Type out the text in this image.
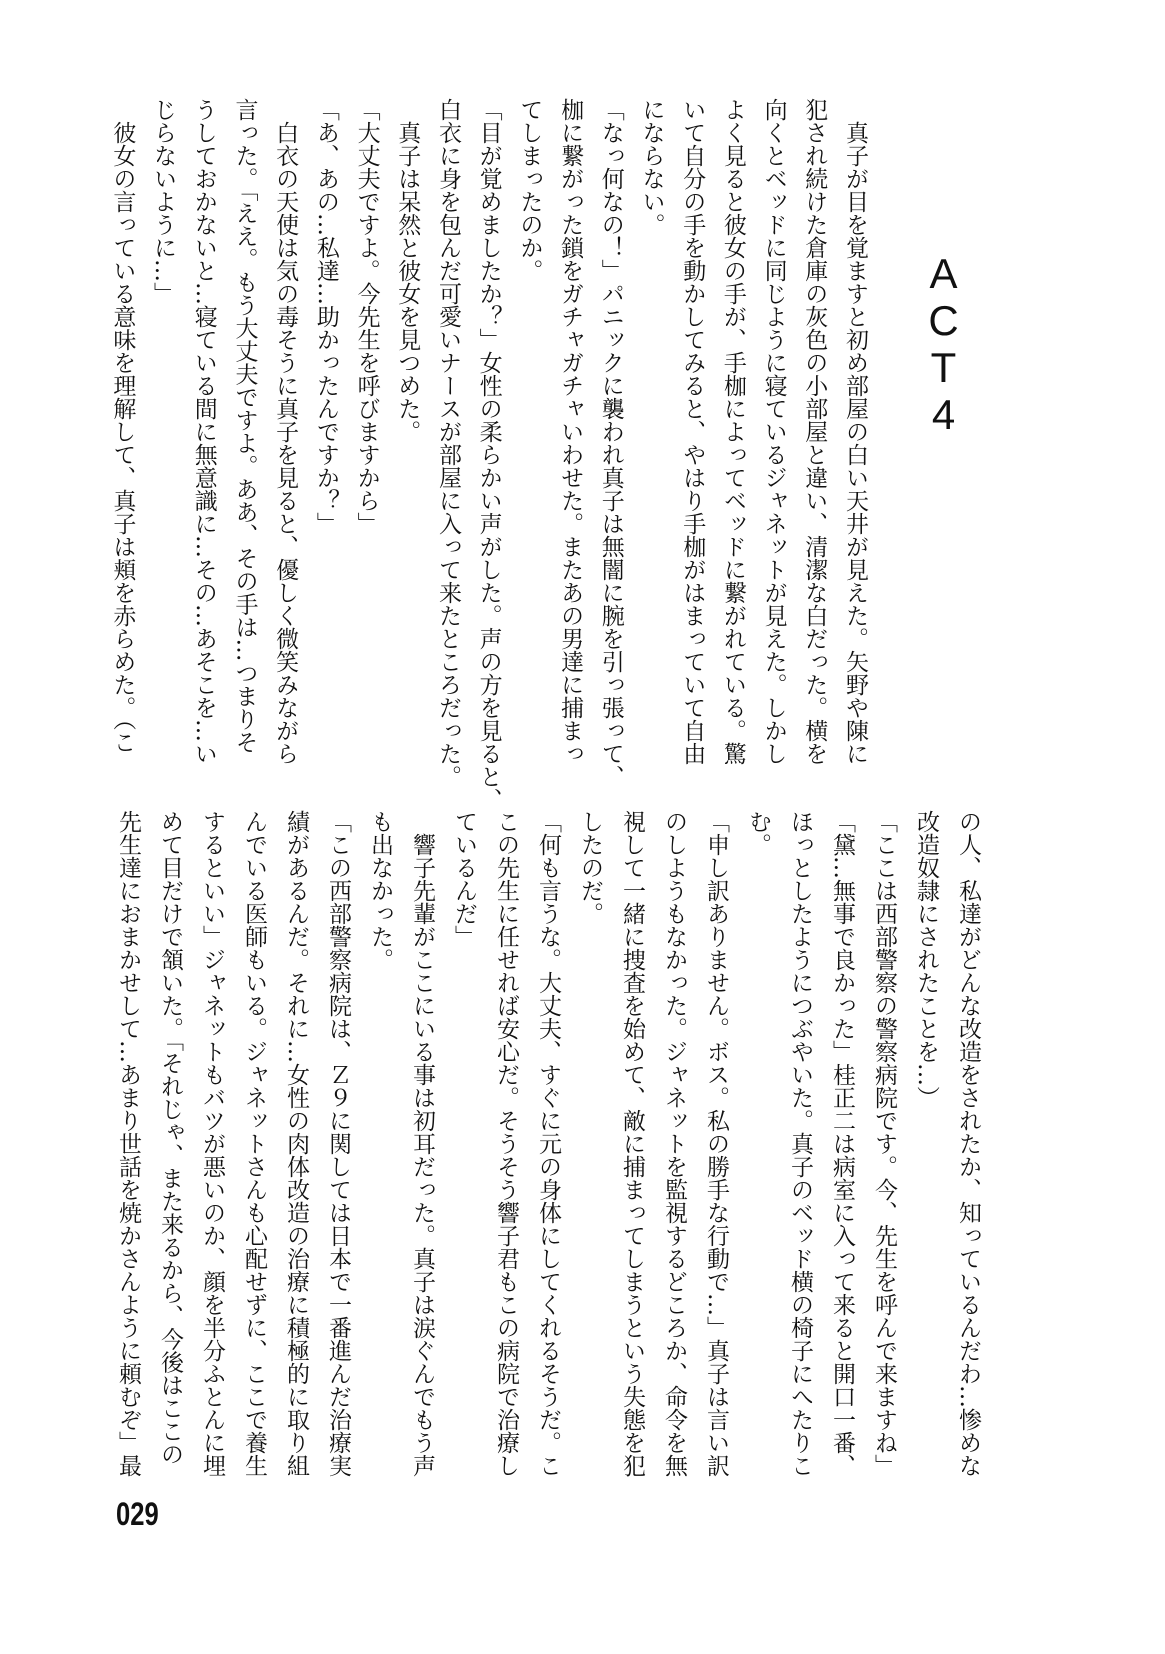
ACT4
　真子が目を覚ますと初め部屋の白い天井が見えた。矢野や陳に
犯され続けた倉庫の灰色の小部屋と違い、清潔な白だった。横を
向くとベッドに同じように寝ているジャネットが見えた。しかし
よく見ると彼女の手が、手枷によってベッドに繋がれている。驚
いて自分の手を動かしてみると、やはり手枷がはまっていて自由
にならない。
「なっ何なの！」パニックに襲われ真子は無闇に腕を引っ張って、
枷に繋がった鎖をガチャガチャいわせた。またあの男達に捕まっ
てしまったのか。
「目が覚めましたか？」女性の柔らかい声がした。声の方を見ると、
白衣に身を包んだ可愛いナースが部屋に入って来たところだった。
　真子は呆然と彼女を見つめた。
「大丈夫ですよ。今先生を呼びますから」
「あ、あの…私達…助かったんですか？」
　白衣の天使は気の毒そうに真子を見ると、優しく微笑みながら
言った。「ええ。もう大丈夫ですよ。ああ、その手は…つまりそ
うしておかないと…寝ている間に無意識に…その…あそこを…い
じらないように…」
　彼女の言っている意味を理解して、真子は頬を赤らめた。（こ
の人、私達がどんな改造をされたか、知っているんだわ…惨めな
改造奴隷にされたことを…）
「ここは西部警察の警察病院です。今、先生を呼んで来ますね」
「黛…無事で良かった」桂正二は病室に入って来ると開口一番、
ほっとしたようにつぶやいた。真子のベッド横の椅子にへたりこ
む。
「申し訳ありません。ボス。私の勝手な行動で…」真子は言い訳
のしようもなかった。ジャネットを監視するどころか、命令を無
視して一緒に捜査を始めて、敵に捕まってしまうという失態を犯
したのだ。
「何も言うな。大丈夫、すぐに元の身体にしてくれるそうだ。こ
この先生に任せれば安心だ。そうそう響子君もこの病院で治療し
ているんだ」
　響子先輩がここにいる事は初耳だった。真子は涙ぐんでもう声
も出なかった。
「この西部警察病院は、Ｚ９に関しては日本で一番進んだ治療実
績があるんだ。それに…女性の肉体改造の治療に積極的に取り組
んでいる医師もいる。ジャネットさんも心配せずに、ここで養生
するといい」ジャネットもバツが悪いのか、顔を半分ふとんに埋
めて目だけで頷いた。「それじゃ、また来るから、今後はここの
先生達におまかせして…あまり世話を焼かさんように頼むぞ」最
029
